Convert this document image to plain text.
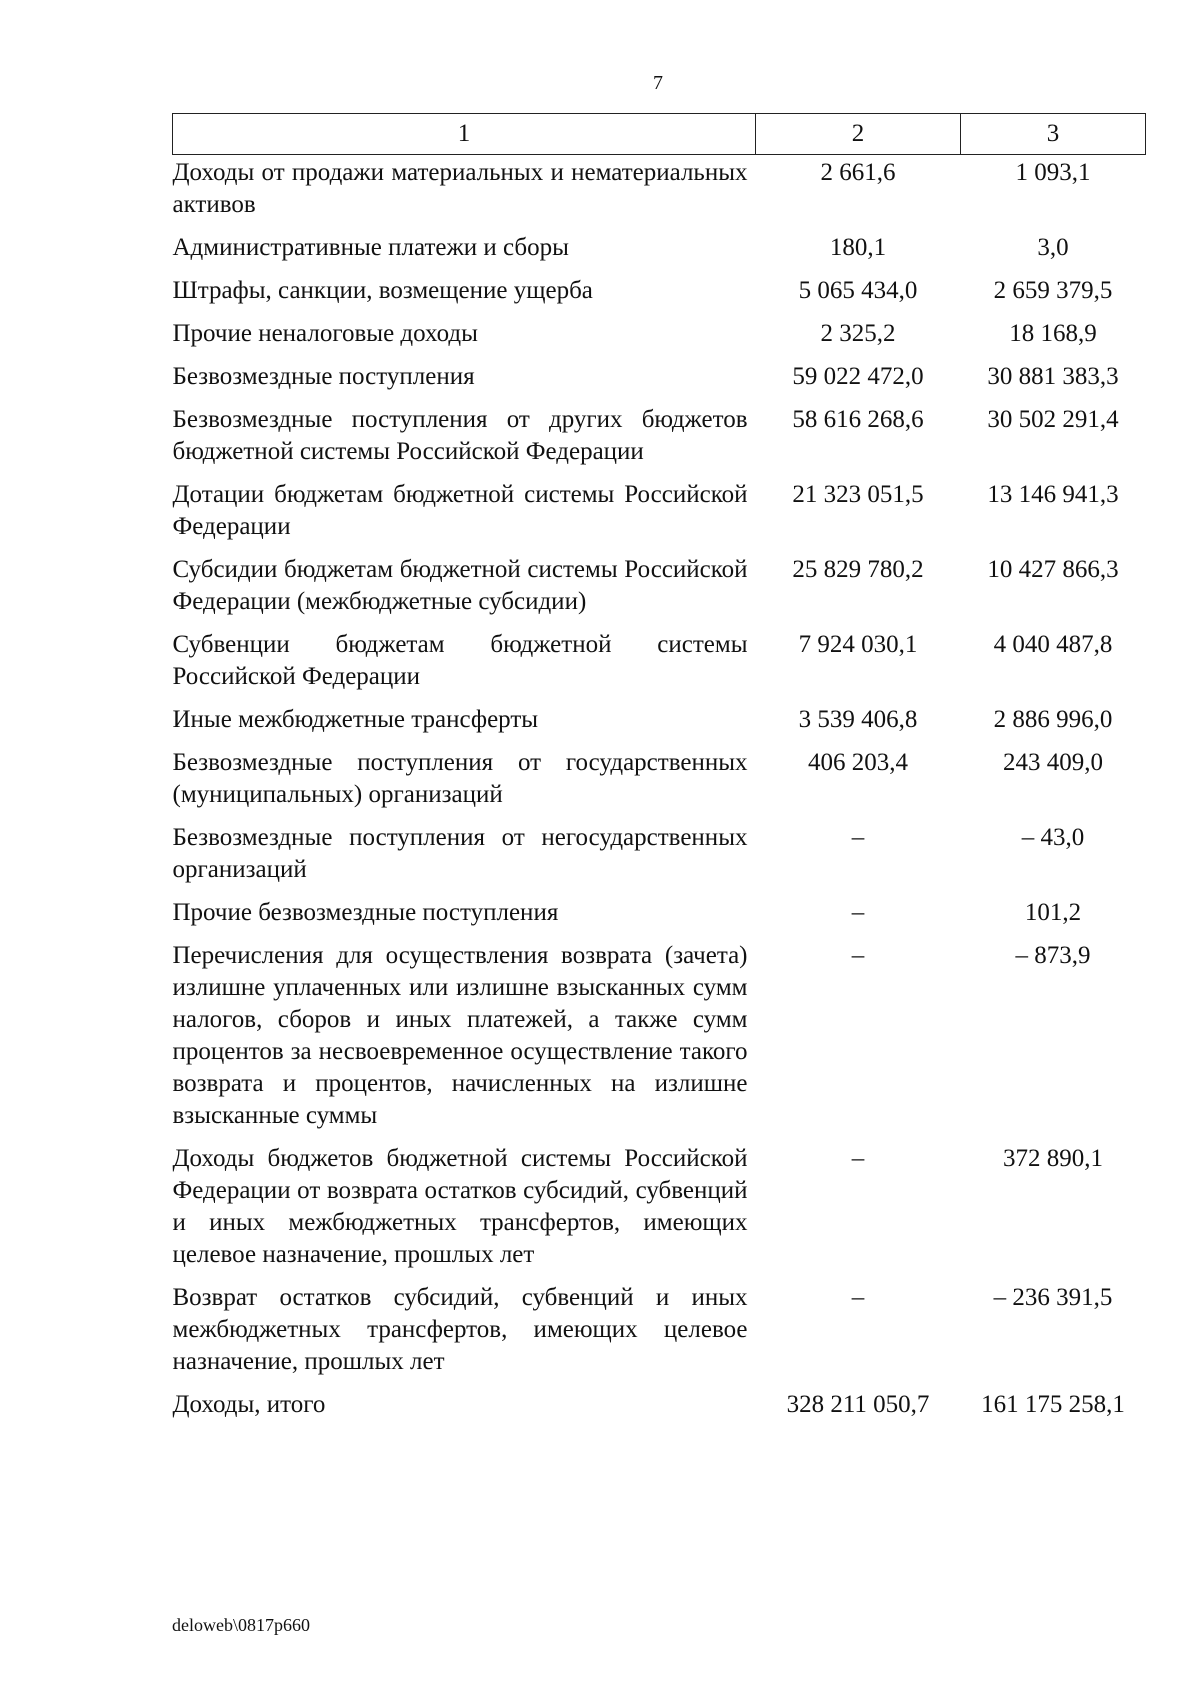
7
1	2	3
Доходы от продажи материальных и нематериальных активов	2 661,6	1 093,1
Административные платежи и сборы	180,1	3,0
Штрафы, санкции, возмещение ущерба	5 065 434,0	2 659 379,5
Прочие неналоговые доходы	2 325,2	18 168,9
Безвозмездные поступления	59 022 472,0	30 881 383,3
Безвозмездные поступления от других бюджетов бюджетной системы Российской Федерации	58 616 268,6	30 502 291,4
Дотации бюджетам бюджетной системы Российской Федерации	21 323 051,5	13 146 941,3
Субсидии бюджетам бюджетной системы Российской Федерации (межбюджетные субсидии)	25 829 780,2	10 427 866,3
Субвенции бюджетам бюджетной системы Российской Федерации	7 924 030,1	4 040 487,8
Иные межбюджетные трансферты	3 539 406,8	2 886 996,0
Безвозмездные поступления от государственных (муниципальных) организаций	406 203,4	243 409,0
Безвозмездные поступления от негосударственных организаций	–	– 43,0
Прочие безвозмездные поступления	–	101,2
Перечисления для осуществления возврата (зачета) излишне уплаченных или излишне взысканных сумм налогов, сборов и иных платежей, а также сумм процентов за несвоевременное осуществление такого возврата и процентов, начисленных на излишне взысканные суммы	–	– 873,9
Доходы бюджетов бюджетной системы Российской Федерации от возврата остатков субсидий, субвенций и иных межбюджетных трансфертов, имеющих целевое назначение, прошлых лет	–	372 890,1
Возврат остатков субсидий, субвенций и иных межбюджетных трансфертов, имеющих целевое назначение, прошлых лет	–	– 236 391,5
Доходы, итого	328 211 050,7	161 175 258,1
deloweb\0817p660
